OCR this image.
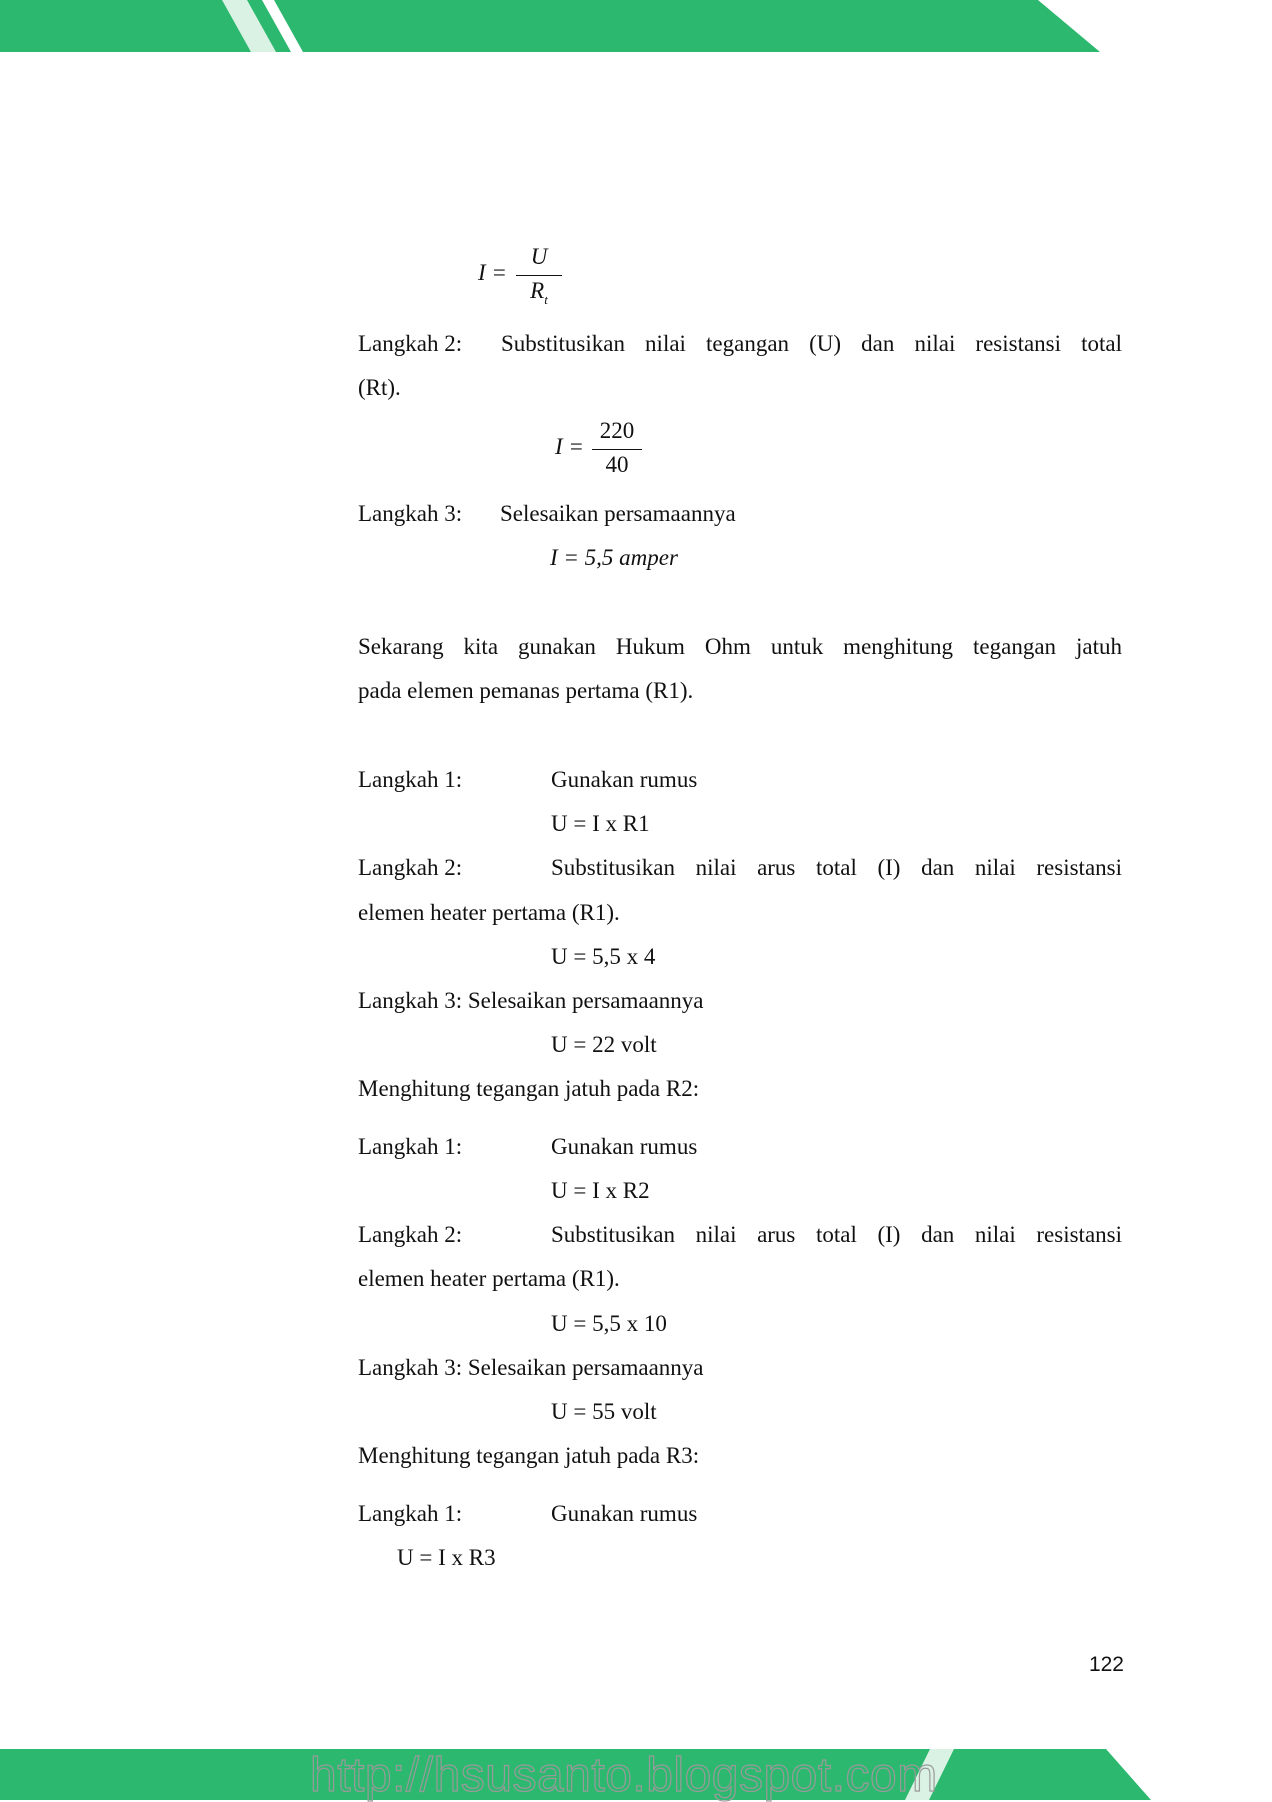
I =
U
$R_t$
Langkah 2: Substitusikan nilai tegangan (U) dan nilai resistansi total
(Rt).
I =
220
40
Langkah 3: Selesaikan persamaannya
I = 5,5 amper
Sekarang kita gunakan Hukum Ohm untuk menghitung tegangan jatuh
pada elemen pemanas pertama (R1).
Langkah 1:	Gunakan rumus
U = I x R1
Langkah 2:	Substitusikan nilai arus total (I) dan nilai resistansi
elemen heater pertama (R1).
U = 5,5 x 4
Langkah 3: Selesaikan persamaannya
U = 22 volt
Menghitung tegangan jatuh pada R2:
Langkah 1:	Gunakan rumus
U = I x R2
Langkah 2:	Substitusikan nilai arus total (I) dan nilai resistansi
elemen heater pertama (R1).
U = 5,5 x 10
Langkah 3: Selesaikan persamaannya
U = 55 volt
Menghitung tegangan jatuh pada R3:
Langkah 1:	Gunakan rumus
U = I x R3
122
http://hsusanto.blogspot.com
